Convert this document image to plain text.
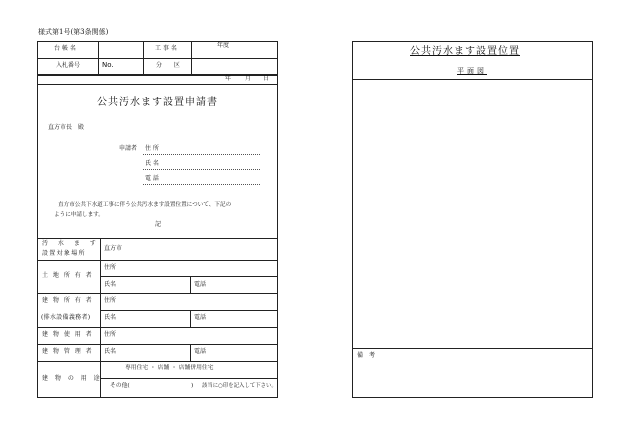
様式第1号(第3条関係)
台 帳 名	工 事 名	年度
入札番号	No.	分 区
年 月 日
公共汚水ます設置申請書
直方市長　殿
申請者 住 所
氏 名
電 話
直方市公共下水道工事に伴う公共汚水ます設置位置について、下記の
ように申請します。
記
汚 水 ま す
設置対象場所
直方市
土 地 所 有 者
住所
氏名	電話
建 物 所 有 者
(排水設備義務者)
住所
氏名	電話
建 物 使 用 者 住所
建 物 管 理 者 氏名	電話
建 物 の 用 途
専用住宅 ・ 店舗 ・ 店舗併用住宅
その他(	) 該当に○印を記入して下さい。
公共汚水ます設置位置
平面図
備　考
